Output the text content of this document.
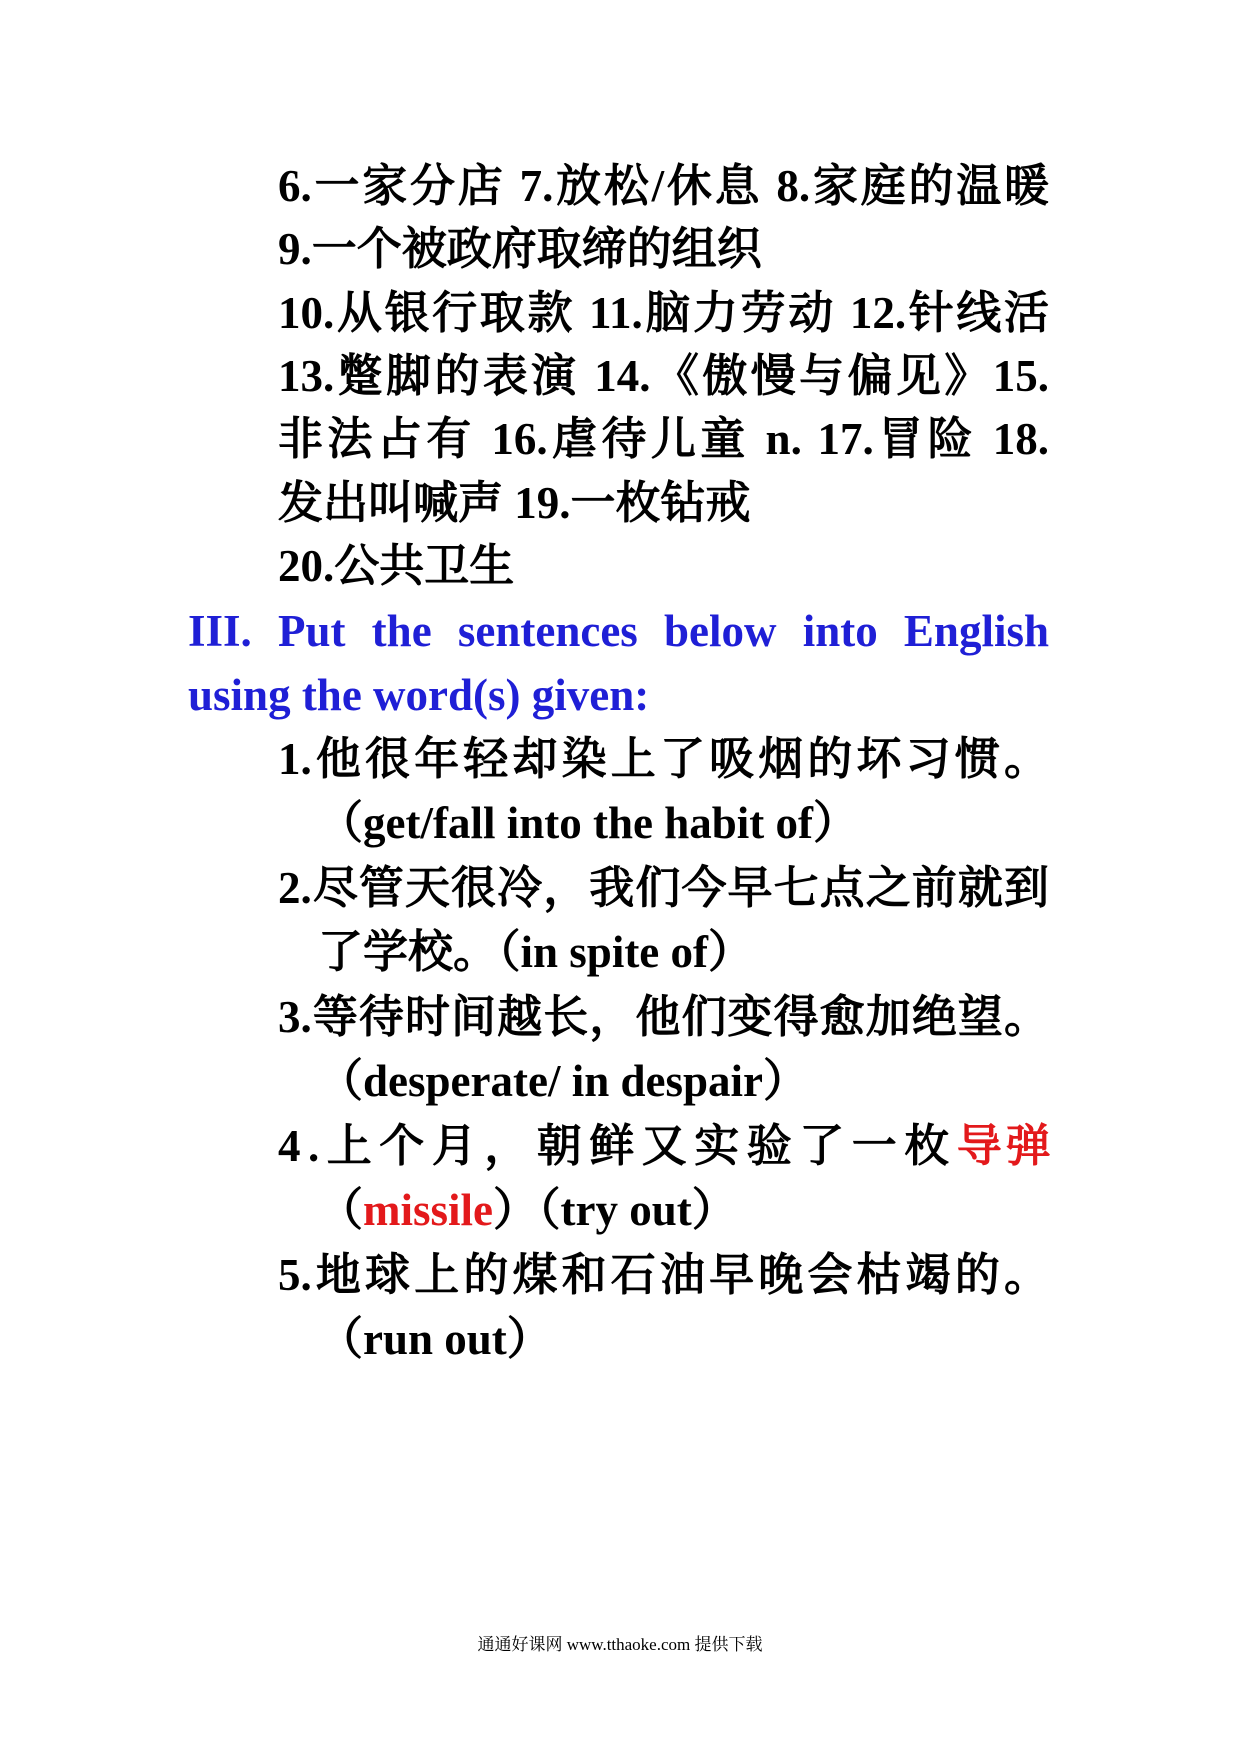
6.一家分店 7.放松/休息 8.家庭的温暖
9.一个被政府取缔的组织
10.从银行取款 11.脑力劳动 12.针线活
13.蹩脚的表演 14.《傲慢与偏见》15.
非法占有 16.虐待儿童 n. 17.冒险 18.
发出叫喊声 19.一枚钻戒
20.公共卫生
III. Put the sentences below into English
using the word(s) given:
1.他很年轻却染上了吸烟的坏习惯。
（get/fall into the habit of）
2.尽管天很冷，我们今早七点之前就到
了学校。（in spite of）
3.等待时间越长，他们变得愈加绝望。
（desperate/ in despair）
4.上个月，朝鲜又实验了一枚导弹
（missile）（try out）
5.地球上的煤和石油早晚会枯竭的。
（run out）
通通好课网 www.tthaoke.com 提供下载
